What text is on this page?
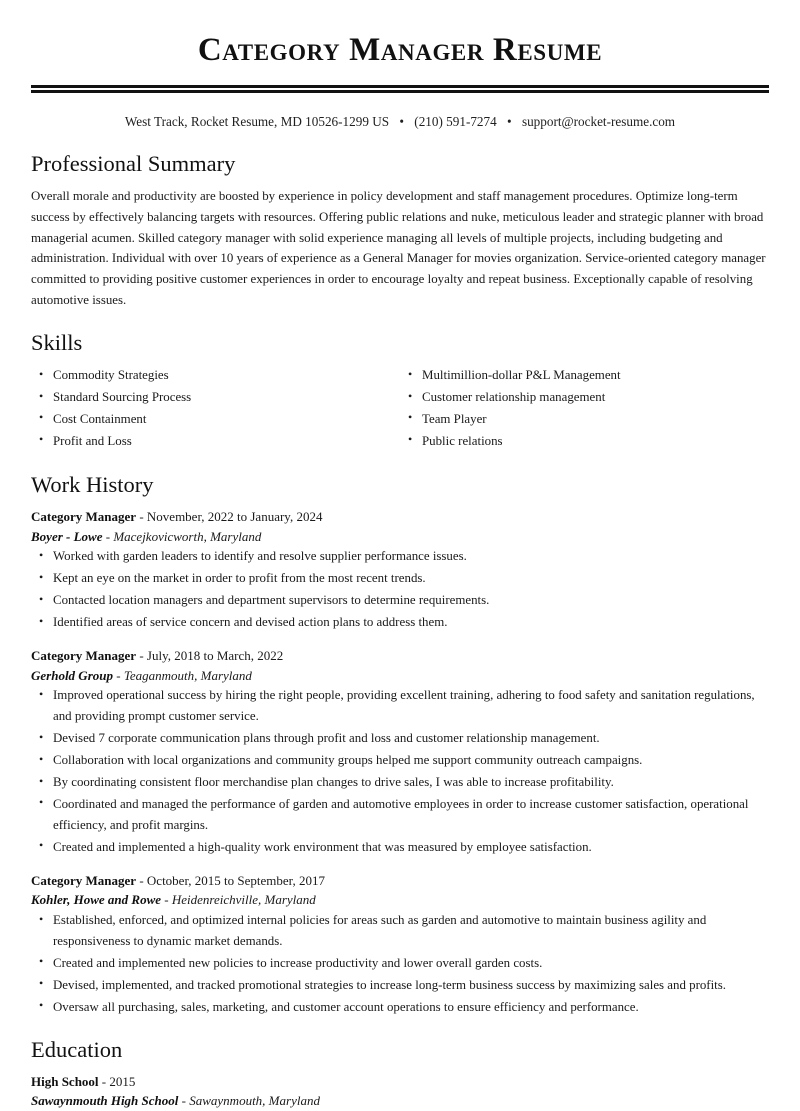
Category Manager Resume
West Track, Rocket Resume, MD 10526-1299 US • (210) 591-7274 • support@rocket-resume.com
Professional Summary

Overall morale and productivity are boosted by experience in policy development and staff management procedures. Optimize long-term success by effectively balancing targets with resources. Offering public relations and nuke, meticulous leader and strategic planner with broad managerial acumen. Skilled category manager with solid experience managing all levels of multiple projects, including budgeting and administration. Individual with over 10 years of experience as a General Manager for movies organization. Service-oriented category manager committed to providing positive customer experiences in order to encourage loyalty and repeat business. Exceptionally capable of resolving automotive issues.

Skills
• Commodity Strategies
• Standard Sourcing Process
• Cost Containment
• Profit and Loss
• Multimillion-dollar P&L Management
• Customer relationship management
• Team Player
• Public relations
Work History
Category Manager - November, 2022 to January, 2024
Boyer - Lowe - Macejkovicworth, Maryland
• Worked with garden leaders to identify and resolve supplier performance issues.
• Kept an eye on the market in order to profit from the most recent trends.
• Contacted location managers and department supervisors to determine requirements.
• Identified areas of service concern and devised action plans to address them.
Category Manager - July, 2018 to March, 2022
Gerhold Group - Teaganmouth, Maryland
• Improved operational success by hiring the right people, providing excellent training, adhering to food safety and sanitation regulations, and providing prompt customer service.
• Devised 7 corporate communication plans through profit and loss and customer relationship management.
• Collaboration with local organizations and community groups helped me support community outreach campaigns.
• By coordinating consistent floor merchandise plan changes to drive sales, I was able to increase profitability.
• Coordinated and managed the performance of garden and automotive employees in order to increase customer satisfaction, operational efficiency, and profit margins.
• Created and implemented a high-quality work environment that was measured by employee satisfaction.
Category Manager - October, 2015 to September, 2017
Kohler, Howe and Rowe - Heidenreichville, Maryland
• Established, enforced, and optimized internal policies for areas such as garden and automotive to maintain business agility and responsiveness to dynamic market demands.
• Created and implemented new policies to increase productivity and lower overall garden costs.
• Devised, implemented, and tracked promotional strategies to increase long-term business success by maximizing sales and profits.
• Oversaw all purchasing, sales, marketing, and customer account operations to ensure efficiency and performance.
Education
High School - 2015
Sawaynmouth High School - Sawaynmouth, Maryland
